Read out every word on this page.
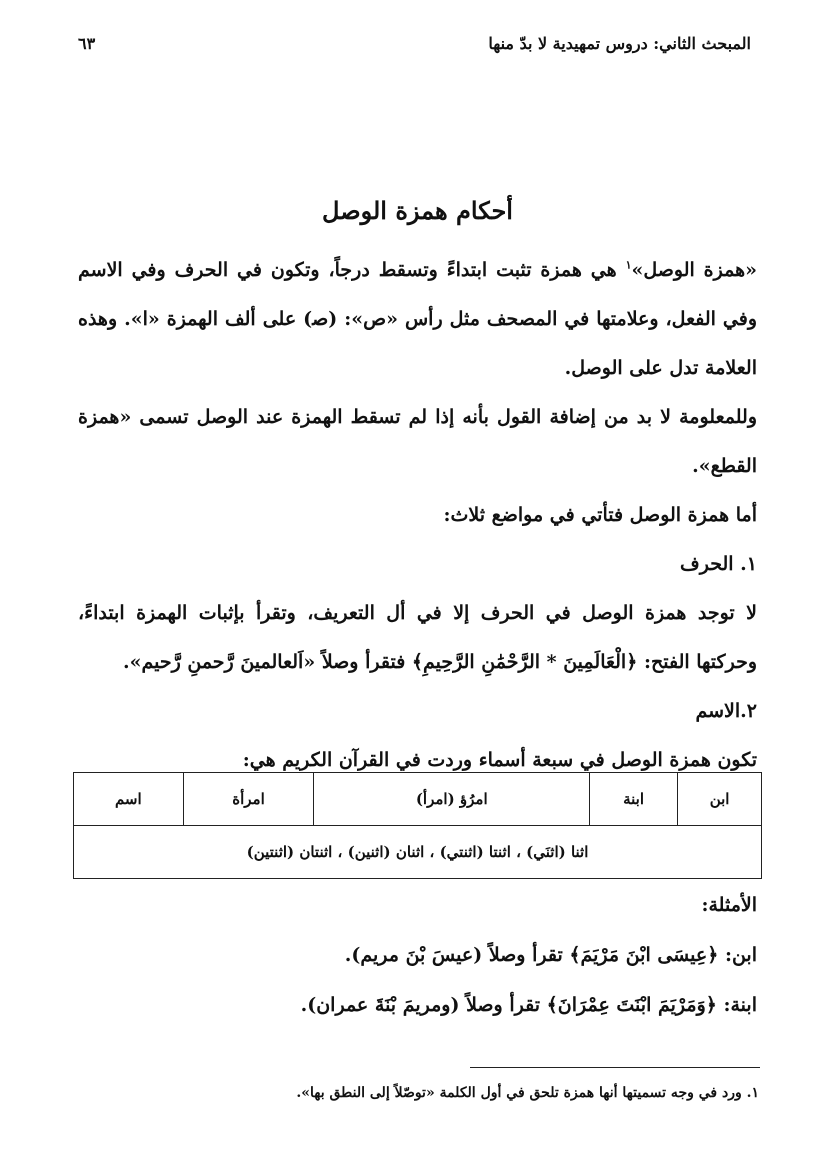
المبحث الثاني: دروس تمهيدية لا بدّ منها
٦٣
أحكام همزة الوصل

«همزة الوصل»$^١$ هي همزة تثبت ابتداءً وتسقط درجاً، وتكون في الحرف وفي الاسم وفي الفعل، وعلامتها في المصحف مثل رأس «ص»: (ﺻ) على ألف الهمزة «ا». وهذه العلامة تدل على الوصل.

وللمعلومة لا بد من إضافة القول بأنه إذا لم تسقط الهمزة عند الوصل تسمى «همزة القطع».

أما همزة الوصل فتأتي في مواضع ثلاث:

١. الحرف

لا توجد همزة الوصل في الحرف إلا في أل التعريف، وتقرأ بإثبات الهمزة ابتداءً، وحركتها الفتح: ﴿الْعَالَمِينَ * الرَّحْمَٰنِ الرَّحِيمِ﴾ فتقرأ وصلاً «اَلعالمينَ رَّحمنِ رَّحيم».

٢.الاسم

تكون همزة الوصل في سبعة أسماء وردت في القرآن الكريم هي:

ابن	ابنة	امرُؤ (امرأ)	امرأة	اسم
اثنا (اثنَي) ، اثنتا (اثنتي) ، اثنان (اثنين) ، اثنتان (اثنتين)

الأمثلة:

ابن: ﴿عِيسَى ابْنَ مَرْيَمَ﴾ تقرأ وصلاً (عيسَ بْنَ مريم).

ابنة: ﴿وَمَرْيَمَ ابْنَتَ عِمْرَانَ﴾ تقرأ وصلاً (ومريمَ بْنَةَ عمران).

١. ورد في وجه تسميتها أنها همزة تلحق في أول الكلمة «توصّلاً إلى النطق بها».
